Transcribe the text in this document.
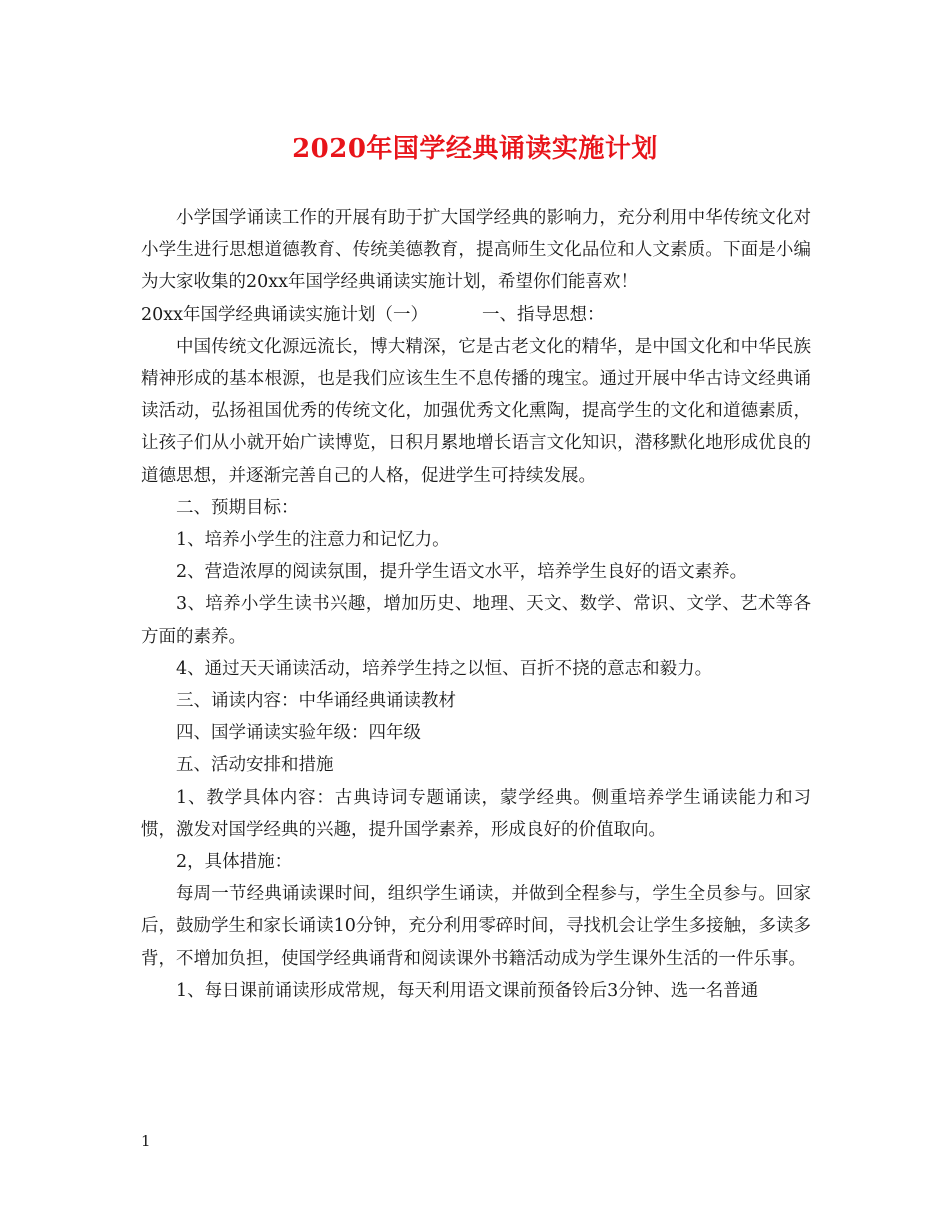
2020年国学经典诵读实施计划

小学国学诵读工作的开展有助于扩大国学经典的影响力，充分利用中华传统文化对小学生进行思想道德教育、传统美德教育，提高师生文化品位和人文素质。下面是小编为大家收集的20xx年国学经典诵读实施计划，希望你们能喜欢！

20xx年国学经典诵读实施计划（一）	一、指导思想：

中国传统文化源远流长，博大精深，它是古老文化的精华，是中国文化和中华民族精神形成的基本根源，也是我们应该生生不息传播的瑰宝。通过开展中华古诗文经典诵读活动，弘扬祖国优秀的传统文化，加强优秀文化熏陶，提高学生的文化和道德素质，让孩子们从小就开始广读博览，日积月累地增长语言文化知识，潜移默化地形成优良的道德思想，并逐渐完善自己的人格，促进学生可持续发展。

二、预期目标：

1、培养小学生的注意力和记忆力。

2、营造浓厚的阅读氛围，提升学生语文水平，培养学生良好的语文素养。

3、培养小学生读书兴趣，增加历史、地理、天文、数学、常识、文学、艺术等各方面的素养。

4、通过天天诵读活动，培养学生持之以恒、百折不挠的意志和毅力。

三、诵读内容：中华诵经典诵读教材

四、国学诵读实验年级：四年级

五、活动安排和措施

1、教学具体内容：古典诗词专题诵读，蒙学经典。侧重培养学生诵读能力和习惯，激发对国学经典的兴趣，提升国学素养，形成良好的价值取向。

2，具体措施：

每周一节经典诵读课时间，组织学生诵读，并做到全程参与，学生全员参与。回家后，鼓励学生和家长诵读10分钟，充分利用零碎时间，寻找机会让学生多接触，多读多背，不增加负担，使国学经典诵背和阅读课外书籍活动成为学生课外生活的一件乐事。

1、每日课前诵读形成常规，每天利用语文课前预备铃后3分钟、选一名普通

1
